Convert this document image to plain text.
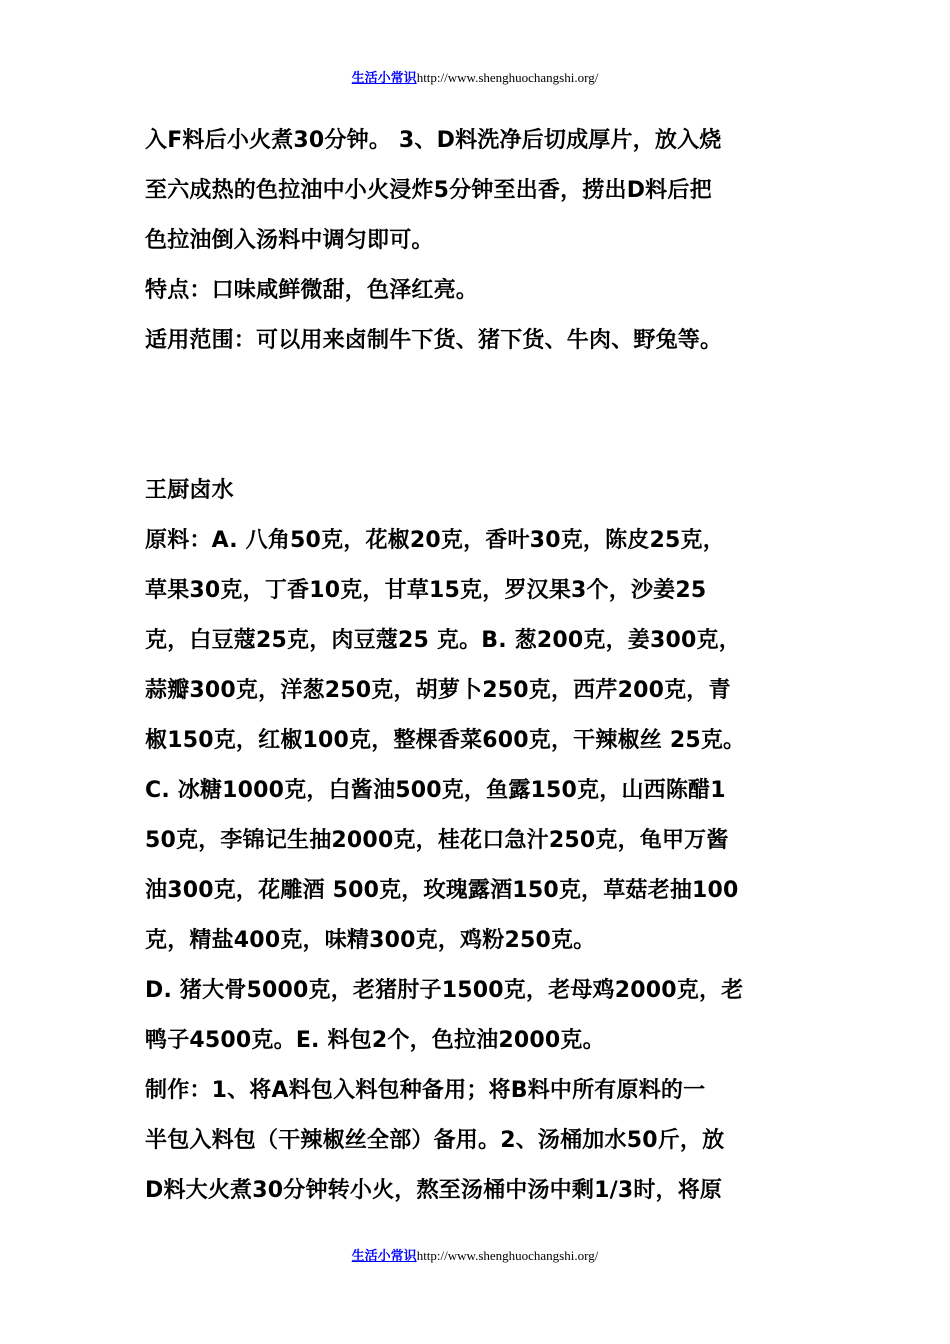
生活小常识http://www.shenghuochangshi.org/
入F料后小火煮30分钟。 3、D料洗净后切成厚片，放入烧
至六成热的色拉油中小火浸炸5分钟至出香，捞出D料后把
色拉油倒入汤料中调匀即可。
特点：口味咸鲜微甜，色泽红亮。
适用范围：可以用来卤制牛下货、猪下货、牛肉、野兔等。
王厨卤水
原料：A. 八角50克，花椒20克，香叶30克，陈皮25克，
草果30克，丁香10克，甘草15克，罗汉果3个，沙姜25
克，白豆蔻25克，肉豆蔻25 克。B. 葱200克，姜300克，
蒜瓣300克，洋葱250克，胡萝卜250克，西芹200克，青
椒150克，红椒100克，整棵香菜600克，干辣椒丝 25克。
C. 冰糖1000克，白酱油500克，鱼露150克，山西陈醋1
50克，李锦记生抽2000克，桂花口急汁250克，龟甲万酱
油300克，花雕酒 500克，玫瑰露酒150克，草菇老抽100
克，精盐400克，味精300克，鸡粉250克。
D. 猪大骨5000克，老猪肘子1500克，老母鸡2000克，老
鸭子4500克。E. 料包2个，色拉油2000克。
制作：1、将A料包入料包种备用；将B料中所有原料的一
半包入料包（干辣椒丝全部）备用。2、汤桶加水50斤，放
D料大火煮30分钟转小火，熬至汤桶中汤中剩1/3时，将原
生活小常识http://www.shenghuochangshi.org/
